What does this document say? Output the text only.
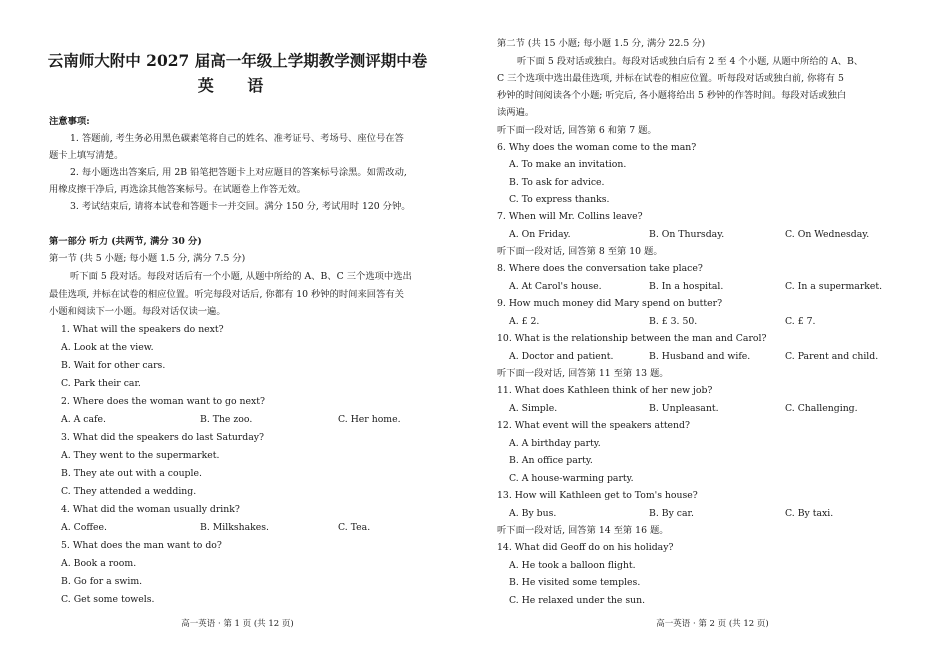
云南师大附中 2027 届高一年级上学期教学测评期中卷
英 语
注意事项:
1. 答题前, 考生务必用黑色碳素笔将自己的姓名、准考证号、考场号、座位号在答
题卡上填写清楚。
2. 每小题选出答案后, 用 2B 铅笔把答题卡上对应题目的答案标号涂黑。如需改动,
用橡皮擦干净后, 再选涂其他答案标号。在试题卷上作答无效。
3. 考试结束后, 请将本试卷和答题卡一并交回。满分 150 分, 考试用时 120 分钟。
第一部分 听力 (共两节, 满分 30 分)
第一节 (共 5 小题; 每小题 1.5 分, 满分 7.5 分)
听下面 5 段对话。每段对话后有一个小题, 从题中所给的 A、B、C 三个选项中选出
最佳选项, 并标在试卷的相应位置。听完每段对话后, 你都有 10 秒钟的时间来回答有关
小题和阅读下一小题。每段对话仅读一遍。
1. What will the speakers do next?
A. Look at the view.
B. Wait for other cars.
C. Park their car.
2. Where does the woman want to go next?
A. A cafe.	B. The zoo.	C. Her home.
3. What did the speakers do last Saturday?
A. They went to the supermarket.
B. They ate out with a couple.
C. They attended a wedding.
4. What did the woman usually drink?
A. Coffee.	B. Milkshakes.	C. Tea.
5. What does the man want to do?
A. Book a room.
B. Go for a swim.
C. Get some towels.
高一英语 · 第 1 页 (共 12 页)
第二节 (共 15 小题; 每小题 1.5 分, 满分 22.5 分)
听下面 5 段对话或独白。每段对话或独白后有 2 至 4 个小题, 从题中所给的 A、B、
C 三个选项中选出最佳选项, 并标在试卷的相应位置。听每段对话或独白前, 你将有 5
秒钟的时间阅读各个小题; 听完后, 各小题将给出 5 秒钟的作答时间。每段对话或独白
读两遍。
听下面一段对话, 回答第 6 和第 7 题。
6. Why does the woman come to the man?
A. To make an invitation.
B. To ask for advice.
C. To express thanks.
7. When will Mr. Collins leave?
A. On Friday.	B. On Thursday.	C. On Wednesday.
听下面一段对话, 回答第 8 至第 10 题。
8. Where does the conversation take place?
A. At Carol's house.	B. In a hospital.	C. In a supermarket.
9. How much money did Mary spend on butter?
A. £ 2.	B. £ 3. 50.	C. £ 7.
10. What is the relationship between the man and Carol?
A. Doctor and patient.	B. Husband and wife.	C. Parent and child.
听下面一段对话, 回答第 11 至第 13 题。
11. What does Kathleen think of her new job?
A. Simple.	B. Unpleasant.	C. Challenging.
12. What event will the speakers attend?
A. A birthday party.
B. An office party.
C. A house-warming party.
13. How will Kathleen get to Tom's house?
A. By bus.	B. By car.	C. By taxi.
听下面一段对话, 回答第 14 至第 16 题。
14. What did Geoff do on his holiday?
A. He took a balloon flight.
B. He visited some temples.
C. He relaxed under the sun.
高一英语 · 第 2 页 (共 12 页)
